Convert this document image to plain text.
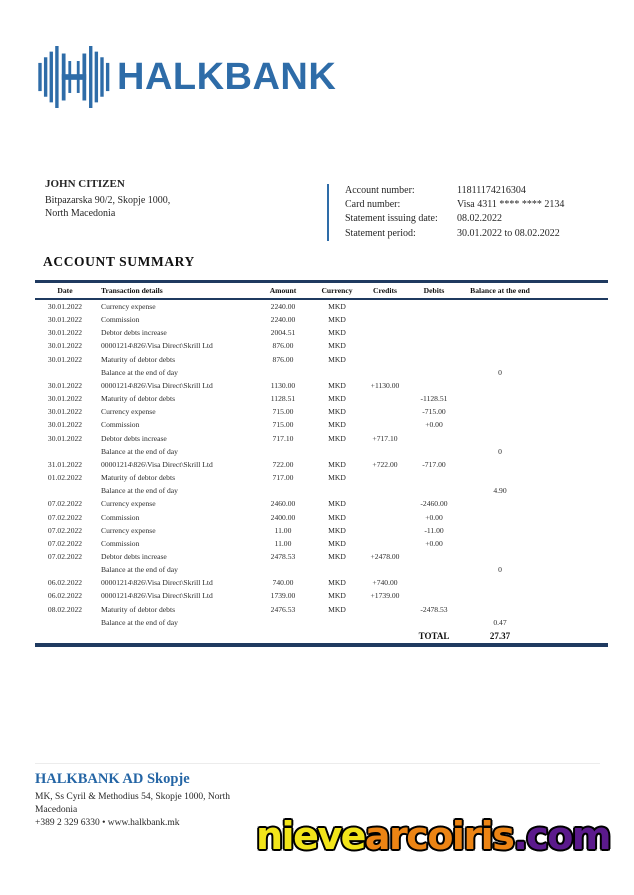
HALKBANK
JOHN CITIZEN
Bitpazarska 90/2, Skopje 1000,
North Macedonia
Account number:	11811174216304
Card number:	Visa 4311 **** **** 2134
Statement issuing date:	08.02.2022
Statement period:	30.01.2022 to 08.02.2022
ACCOUNT SUMMARY
Date	Transaction details	Amount	Currency	Credits	Debits	Balance at the end	
30.01.2022	Currency expense	2240.00	MKD				
30.01.2022	Commission	2240.00	MKD				
30.01.2022	Debtor debts increase	2004.51	MKD				
30.01.2022	00001214\826\Visa Direct\Skrill Ltd	876.00	MKD				
30.01.2022	Maturity of debtor debts	876.00	MKD				
	Balance at the end of day					0	
30.01.2022	00001214\826\Visa Direct\Skrill Ltd	1130.00	MKD	+1130.00			
30.01.2022	Maturity of debtor debts	1128.51	MKD		-1128.51		
30.01.2022	Currency expense	715.00	MKD		-715.00		
30.01.2022	Commission	715.00	MKD		+0.00		
30.01.2022	Debtor debts increase	717.10	MKD	+717.10			
	Balance at the end of day					0	
31.01.2022	00001214\826\Visa Direct\Skrill Ltd	722.00	MKD	+722.00	-717.00		
01.02.2022	Maturity of debtor debts	717.00	MKD				
	Balance at the end of day					4.90	
07.02.2022	Currency expense	2460.00	MKD		-2460.00		
07.02.2022	Commission	2400.00	MKD		+0.00		
07.02.2022	Currency expense	11.00	MKD		-11.00		
07.02.2022	Commission	11.00	MKD		+0.00		
07.02.2022	Debtor debts increase	2478.53	MKD	+2478.00			
	Balance at the end of day					0	
06.02.2022	00001214\826\Visa Direct\Skrill Ltd	740.00	MKD	+740.00			
06.02.2022	00001214\826\Visa Direct\Skrill Ltd	1739.00	MKD	+1739.00			
08.02.2022	Maturity of debtor debts	2476.53	MKD		-2478.53		
	Balance at the end of day					0.47	
					TOTAL	27.37	
HALKBANK AD Skopje
MK, Ss Cyril & Methodius 54, Skopje 1000, North
Macedonia
+389 2 329 6330 • www.halkbank.mk	nievearcoiris.com
